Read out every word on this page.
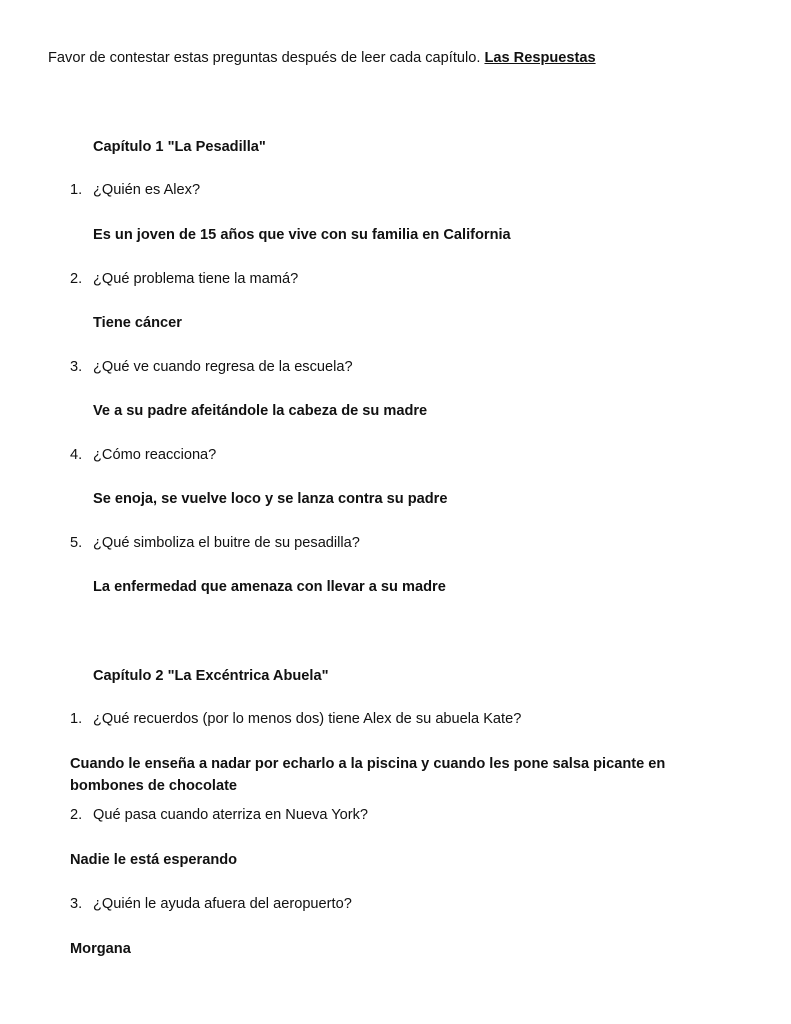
Favor de contestar estas preguntas después de leer cada capítulo. Las Respuestas
Capítulo 1 "La Pesadilla"
1. ¿Quién es Alex?
Es un joven de 15 años que vive con su familia en California
2. ¿Qué problema tiene la mamá?
Tiene cáncer
3. ¿Qué ve cuando regresa de la escuela?
Ve a su padre afeitándole la cabeza de su madre
4. ¿Cómo reacciona?
Se enoja, se vuelve loco y se lanza contra su padre
5. ¿Qué simboliza el buitre de su pesadilla?
La enfermedad que amenaza con llevar a su madre
Capítulo 2 "La Excéntrica Abuela"
1. ¿Qué recuerdos (por lo menos dos) tiene Alex de su abuela Kate?
Cuando le enseña a nadar por echarlo a la piscina y cuando les pone salsa picante en
bombones de chocolate
2. Qué pasa cuando aterriza en Nueva York?
Nadie le está esperando
3. ¿Quién le ayuda afuera del aeropuerto?
Morgana
